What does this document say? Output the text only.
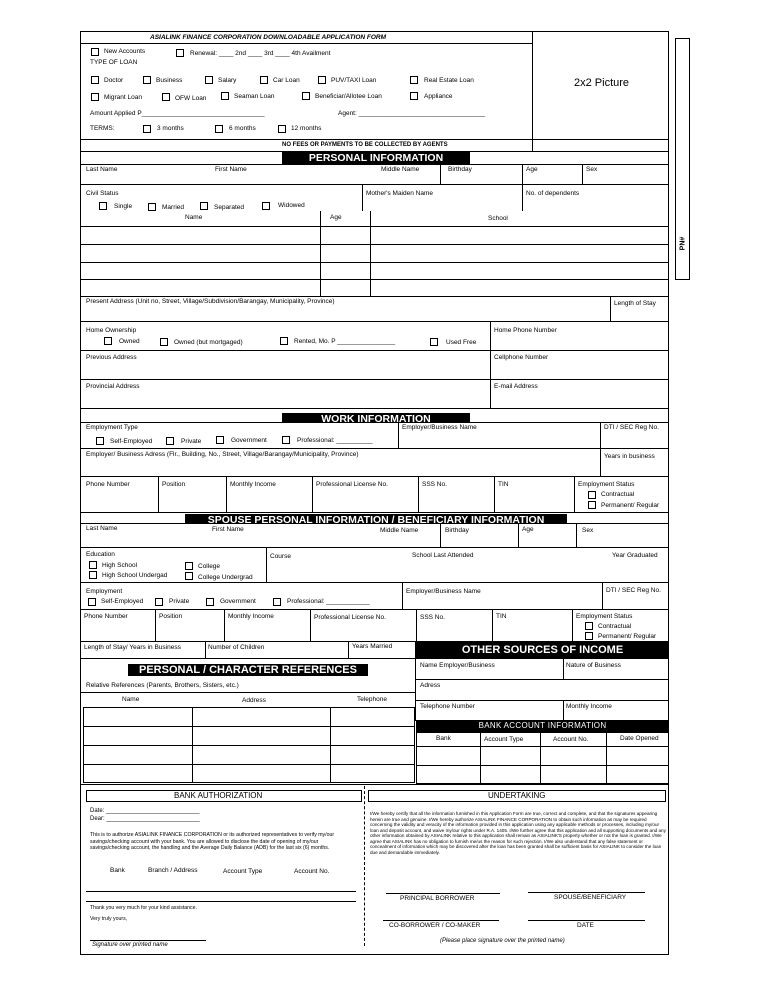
PN#
ASIALINK FINANCE CORPORATION DOWNLOADABLE APPLICATION FORM
2x2 Picture
New Accounts	Renewal: ____ 2nd ____ 3rd ____ 4th Availment
TYPE OF LOAN
Doctor	Business	Salary	Car Loan	PUV/TAXI Loan	Real Estate Loan
Migrant Loan	OFW Loan	Seaman Loan	Beneficiar/Allotee Loan	Appliance
Amount Applied P__________________________________	Agent: ___________________________________
TERMS:	3 months	6 months	12 months
NO FEES OR PAYMENTS TO BE COLLECTED BY AGENTS
PERSONAL INFORMATION
Last Name	First Name	Middle Name	Birthday	Age	Sex
Civil Status
Single	Married	Separated	Widowed
Mother's Maiden Name	No. of dependents
Name	Age	School
Present Address (Unit no, Street, Village/Subdivision/Barangay, Municipality, Province)	Length of Stay
Home Ownership
Owned	Owned (but mortgaged)	Rented, Mo. P ________________	Used Free
Home Phone Number
Previous Address	Cellphone Number
Provincial Address	E-mail Address
WORK INFORMATION
Employment Type
Self-Employed	Private	Government	Professional: __________
Employer/Business Name	DTI / SEC Reg No.
Employer/ Business Adress (Flr., Building, No., Street, Village/Barangay/Municipality, Province)	Years in business
Phone Number	Position	Monthly Income	Professional License No.	SSS No.	TIN	Employment Status
Contractual
Permanent/ Regular
SPOUSE PERSONAL INFORMATION / BENEFICIARY INFORMATION
Last Name	First Name	Middle Name	Birthday	Age	Sex
Education
High School
High School Undergad
College
College Undergrad
Course	School Last Attended	Year Graduated
Employment
Self-Employed	Private	Government	Professional: ____________
Employer/Business Name	DTI / SEC Reg No.
Phone Number	Position	Monthly Income	Professional License No.	SSS No.	TIN	Employment Status
Contractual
Permanent/ Regular
Length of Stay/ Years in Business	Number of Children	Years Married	OTHER SOURCES OF INCOME
Name Employer/Business	Nature of Business
Adress
Telephone Number	Monthly Income
PERSONAL / CHARACTER REFERENCES
Relative References (Parents, Brothers, Sisters, etc.)
Name	Address	Telephone
BANK ACCOUNT INFORMATION
Bank	Account Type	Account No.	Date Opened
BANK AUTHORIZATION
Date: ____________________________
Dear: ____________________________
This is to authorize ASIALINK FINANCE CORPORATION or its authorized representatives to verify my/our savings/checking account with your bank. You are allowed to disclose the date of opening of my/our savings/checking account, the handling and the Average Daily Balance (ADB) for the last six (6) months.
Bank	Branch / Address	Account Type	Account No.
Thank you very much for your kind assistance.
Very truly yours,
Signature over printed name
UNDERTAKING
I/We hereby certify that all the information furnished in this Application Form are true, correct and complete, and that the signatures appearing herein are true and genuine. I/We hereby authorize ASIALINK FINANCE CORPORATION to obtain such information as may be required concerning the validity and veracity of the information provided in this application using any applicable methods or processes, including my/our loan and deposit account, and waive my/our rights under R.A. 1405. I/We further agree that this application and all supporting documents and any other information obtained by ASIALINK relative to this application shall remain as ASIALINK'S property whether or not the loan is granted. I/We agree that ASIALINK has no obligation to furnish me/us the reason for such rejection. I/We also understand that any false statement or concealment of information which may be discovered after the loan has been granted shall be sufficient basis for ASIALINK to consider the loan due and demandable immediately.
PRINCIPAL BORROWER	SPOUSE/BENEFICIARY
CO-BORROWER / CO-MAKER	DATE
(Please place signature over the printed name)
